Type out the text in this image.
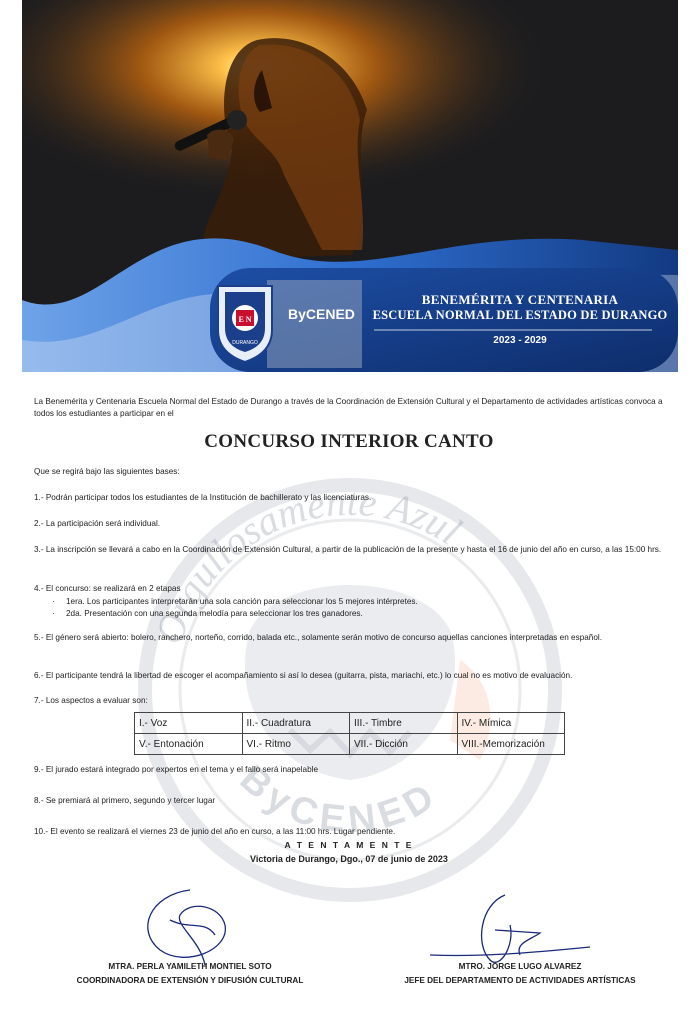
E N
DURANGO
ByCENED
BENEMÉRITA Y CENTENARIA
ESCUELA NORMAL DEL ESTADO DE DURANGO
2023 - 2029
Orgullosamente Azul
ByCENED
La Benemérita y Centenaria Escuela Normal del Estado de Durango a través de la Coordinación de Extensión Cultural y el Departamento de actividades artísticas convoca a todos los estudiantes a participar en el
CONCURSO INTERIOR CANTO
Que se regirá bajo las siguientes bases:
1.- Podrán participar todos los estudiantes de la Institución de bachillerato y las licenciaturas.
2.- La participación será individual.
3.- La inscripción se llevará a cabo en la Coordinación de Extensión Cultural, a partir de la publicación de la presente y hasta el 16 de junio del año en curso, a las 15:00 hrs.
4.- El concurso: se realizará en 2 etapas
· 1era. Los participantes interpretarán una sola canción para seleccionar los 5 mejores intérpretes.
· 2da. Presentación con una segunda melodía para seleccionar los tres ganadores.
5.- El género será abierto: bolero, ranchero, norteño, corrido, balada etc., solamente serán motivo de concurso aquellas canciones interpretadas en español.
6.- El participante tendrá la libertad de escoger el acompañamiento si así lo desea (guitarra, pista, mariachi, etc.) lo cual no es motivo de evaluación.
7.- Los aspectos a evaluar son:
I.- Voz	II.- Cuadratura	III.- Timbre	IV.- Mímica
V.- Entonación	VI.- Ritmo	VII.- Dicción	VIII.-Memorización
9.- El jurado estará integrado por expertos en el tema y el fallo será inapelable
8.- Se premiará al primero, segundo y tercer lugar
10.- El evento se realizará el viernes 23 de junio del año en curso, a las 11:00 hrs. Lugar pendiente.
A T E N T A M E N T E
Victoria de Durango, Dgo., 07 de junio de 2023
MTRA. PERLA YAMILETH MONTIEL SOTO
COORDINADORA DE EXTENSIÓN Y DIFUSIÓN CULTURAL
MTRO. JORGE LUGO ALVAREZ
JEFE DEL DEPARTAMENTO DE ACTIVIDADES ARTÍSTICAS
